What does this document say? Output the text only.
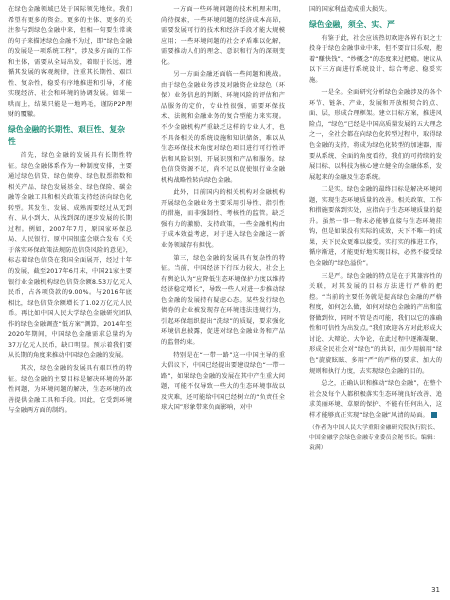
在绿色金融领域已处于国际领先地位。我们希望有更多的资金。更多的主体、更多的关注参与到绿色金融中来，但相一句要生常谈的句子来描述绿色金融不为过，即“绿色金融的发展是一项系统工程”，涉及多方面的工作和主体，需要从全局出发，着眼于长远，遵循其发展的客观规律，注重其长期性、艰巨性、复杂性，稳妥有序地推进和引导，才能实现经济、社会和环境的协调发展。如果一哄而上，结果只能是一地鸡毛，谨防P2P理财的覆辙。

绿色金融的长期性、艰巨性、复杂性

首先，绿色金融的发展具有长期性特征。绿色金融体系作为一种制度安排，主要通过绿色信贷、绿色债券、绿色股票指数和相关产品、绿色发展基金、绿色保险、碳金融等金融工具和相关政策支持经济向绿色化转型。其发生、发展、成熟需要经过从无到有、从小到大、从浅到深的逐步发展的长期过程。例如，2007年7月，原国家环保总局、人民银行、原中国银监会联合发布《关于落实环保政策法规防范信贷风险的意见》，标志着绿色信贷在我国全面展开，经过十年的发展，截至2017年6月末，中国21家主要银行业金融机构绿色信贷余额8.53万亿元人民币，占各项贷款的9.00%。与2016年底相比，绿色信贷余额增长了1.02万亿元人民币。再比如中国人民大学绿色金融研究团队作的绿色金融调查“低方案”测算，2014年至2020年期间，中国绿色金融需求总量约为37万亿元人民币，缺口明显。预示着我们要从长期的角度来推动中国绿色金融的发展。

其次，绿色金融的发展具有艰巨性的特征。绿色金融的主要目标是解决环境的外部性问题，为环境问题的解决，生态环境的改善提供金融工具和手段。因此，它受到环境与金融两方面的制约。

一方面一些环境问题的技术机理未明，尚待探索，一些环境问题的经济成本高昂，需要发展可行的技术和经济手段才能大规模应用；一些环境问题的社会矛盾难以化解，需要推动人们的理念、意识和行为的深刻变化。

另一方面金融还面临一些问题和挑战。由于绿色金融业务涉及对融资企业绿色（环保）业务信息的判断、环境风险的评估和产品服务的定价，专业性很强，需要环保技术、法规和金融业务的复合型能力来实现。不少金融机构严重缺乏这样的专业人才，也不具备相关的系统设施和知识储备，难以从生态环保技术角度对绿色项目进行可行性评估和风险识别、开展识别和产品和服务。绿色信贷资源不足，尚不足以促使银行业金融机构战略性转向绿色金融。

此外，目前国内的相关机构对金融机构开展绿色金融业务主要采用引导性、指引性的措施，而非强制性、考核性的监管。缺乏强有力的激励、支持政策，一些金融机构由于成本效益考虑，对于进入绿色金融这一新业务领域存有担忧。

第三，绿色金融的发展具有复杂性的特征。当前，中国经济下行压力较大，社会上有舆论认为“应降低生态环境保护力度以维持经济稳定增长”，导致一些人对进一步推动绿色金融的发展持有疑虑心态。某些发行绿色债券的企业被发现存在环境违法违规行为，引起环保组织提出“洗绿”的质疑，要求强化环境信息披露，促进对绿色金融业务和产品的监督约束。

特别是在“一带一路”这一中国主导的重大倡议下，中国已经提出要建设绿色“一带一路”，如果绿色金融的发展在其中产生重大问题，可能不仅导致一些大的生态环境事故以及灾难，还可能给中国已经树立的“负责任全球大国”形象带来负面影响，对中

国的国家利益造成重大损失。

绿色金融，须全、实、严

有鉴于此，社会应该热切欢迎各界有识之士投身于绿色金融事业中来，但不要盲目乐观，抱着“赚快钱”、“炒概念”的态度来过把瘾。建议从以下三方面进行系统设计、综合考虑、稳妥实施。

一是全。全面研究分析绿色金融涉及的各个环节、链条、产业，发展和开放相契合的点、面、层，形成合理框架。建立目标方案，推进风险点，“绿色”已经是中国高质量发展的五大理念之一，全社会都在向绿色化转型过程中，取得绿色金融的支持，将成为绿色化转型的加速器，需要从系统、全面的角度看待，我们的可持续的发展目标、以科技为核心建立健全的金融体系，发展起来的金融及生态系统。

二是实。绿色金融的最终目标是解决环境问题，实现生态环境质量的改善。相关政策、工作和措施要落到实处，应指向于生态环境质量的提升。虽然一事一物未必能够直接与生态环境挂钩，但是如果没有实际的成效，天下不唯一的成果，天下民众更难以接受。实打实的推进工作，循序渐进，才能更好地实现目标，必然不接受绿色金融的“绿色溢价”。

三是严。绿色金融的特点是在于其兼容性的关联，对其发展的目标方法进行严格的把控。“当前的主要任务就是提高绿色金融的严格程度，如何怎么做，如何对绿色金融的产出和监督做到位，同时不管是否可能，我们以它的准确性和可信性为出发点。”我们欢迎各方对此形成大讨论、大辩论、大争论，在此过程中逐渐凝聚、形成全民社会对“绿色”的共识，而少用搞用“绿色”旋旋眩眩、多用“严”的严格的要求、加大的规则和执行力度，去实现绿色金融的目的。

总之，正确认识和推动“绿色金融”，在整个社会及每个人都积极落实生态环境良好改善、追求美丽环境、草原的保护、不能有任何出入，这样才能够真正实现“绿色金融”风清的局面。

（作者为中国人民大学重阳金融研究院执行院长、中国金融学会绿色金融专业委员会秘书长。编辑：袁满）

31
